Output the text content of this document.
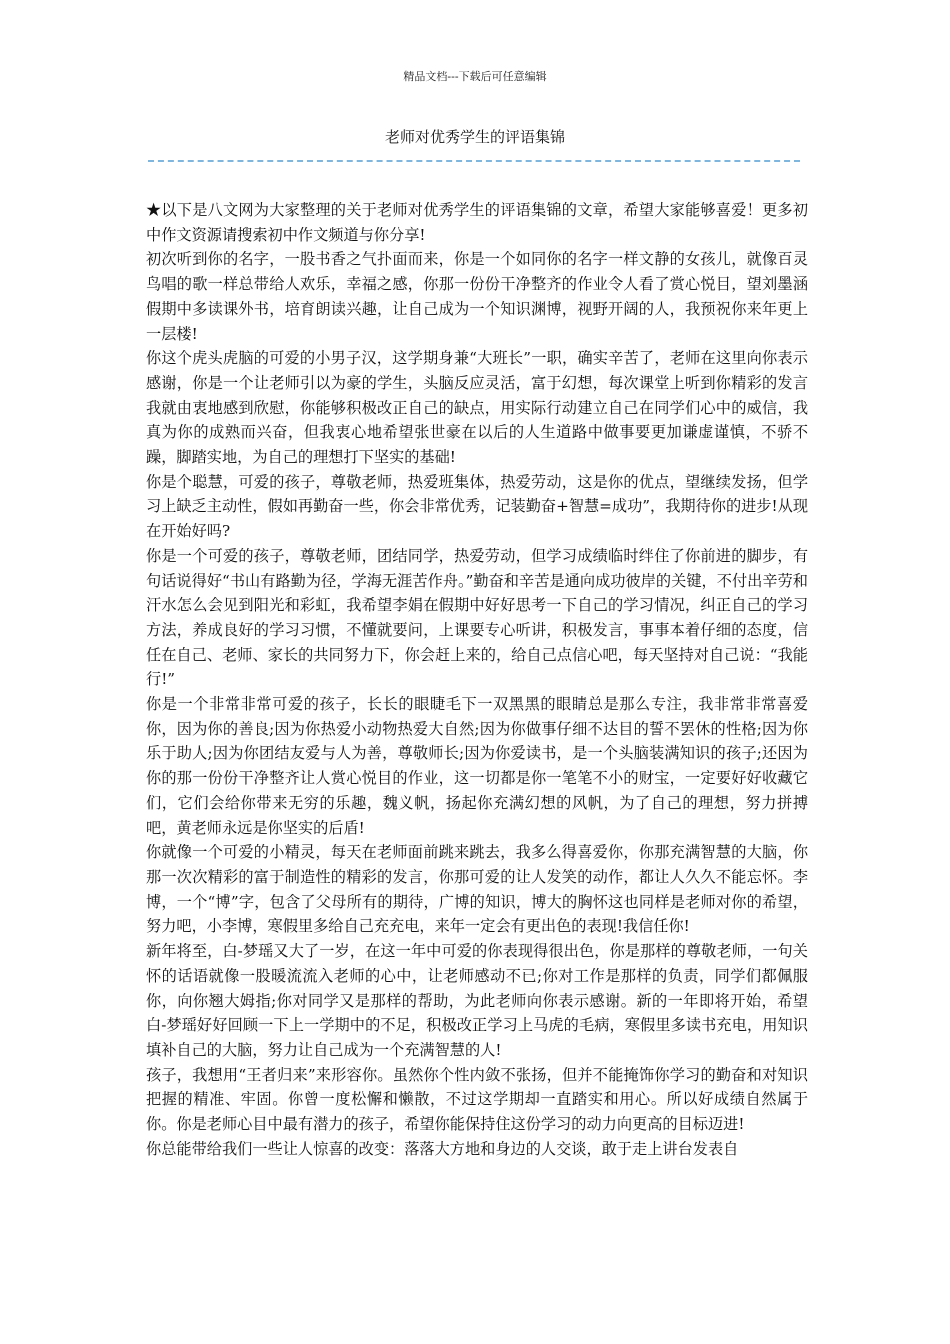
精品文档---下载后可任意编辑
老师对优秀学生的评语集锦

★以下是八文网为大家整理的关于老师对优秀学生的评语集锦的文章，希望大家能够喜爱！更多初中作文资源请搜索初中作文频道与你分享!

初次听到你的名字，一股书香之气扑面而来，你是一个如同你的名字一样文静的女孩儿，就像百灵鸟唱的歌一样总带给人欢乐，幸福之感，你那一份份干净整齐的作业令人看了赏心悦目，望刘墨涵假期中多读课外书，培育朗读兴趣，让自己成为一个知识渊博，视野开阔的人，我预祝你来年更上一层楼!

你这个虎头虎脑的可爱的小男子汉，这学期身兼“大班长”一职，确实辛苦了，老师在这里向你表示感谢，你是一个让老师引以为豪的学生，头脑反应灵活，富于幻想，每次课堂上听到你精彩的发言我就由衷地感到欣慰，你能够积极改正自己的缺点，用实际行动建立自己在同学们心中的威信，我真为你的成熟而兴奋，但我衷心地希望张世豪在以后的人生道路中做事要更加谦虚谨慎，不骄不躁，脚踏实地，为自己的理想打下坚实的基础!

你是个聪慧，可爱的孩子，尊敬老师，热爱班集体，热爱劳动，这是你的优点，望继续发扬，但学习上缺乏主动性，假如再勤奋一些，你会非常优秀，记装勤奋+智慧=成功”，我期待你的进步!从现在开始好吗?

你是一个可爱的孩子，尊敬老师，团结同学，热爱劳动，但学习成绩临时绊住了你前进的脚步，有句话说得好“书山有路勤为径，学海无涯苦作舟。”勤奋和辛苦是通向成功彼岸的关键，不付出辛劳和汗水怎么会见到阳光和彩虹，我希望李娟在假期中好好思考一下自己的学习情况，纠正自己的学习方法，养成良好的学习习惯，不懂就要问，上课要专心听讲，积极发言，事事本着仔细的态度，信任在自己、老师、家长的共同努力下，你会赶上来的，给自己点信心吧，每天坚持对自己说：“我能行!”

你是一个非常非常可爱的孩子，长长的眼睫毛下一双黑黑的眼睛总是那么专注，我非常非常喜爱你，因为你的善良;因为你热爱小动物热爱大自然;因为你做事仔细不达目的誓不罢休的性格;因为你乐于助人;因为你团结友爱与人为善，尊敬师长;因为你爱读书，是一个头脑装满知识的孩子;还因为你的那一份份干净整齐让人赏心悦目的作业，这一切都是你一笔笔不小的财宝，一定要好好收藏它们，它们会给你带来无穷的乐趣，魏义帆，扬起你充满幻想的风帆，为了自己的理想，努力拼搏吧，黄老师永远是你坚实的后盾!

你就像一个可爱的小精灵，每天在老师面前跳来跳去，我多么得喜爱你，你那充满智慧的大脑，你那一次次精彩的富于制造性的精彩的发言，你那可爱的让人发笑的动作，都让人久久不能忘怀。李博，一个“博”字，包含了父母所有的期待，广博的知识，博大的胸怀这也同样是老师对你的希望，努力吧，小李博，寒假里多给自己充充电，来年一定会有更出色的表现!我信任你!

新年将至，白-梦瑶又大了一岁，在这一年中可爱的你表现得很出色，你是那样的尊敬老师，一句关怀的话语就像一股暖流流入老师的心中，让老师感动不已;你对工作是那样的负责，同学们都佩服你，向你翘大姆指;你对同学又是那样的帮助，为此老师向你表示感谢。新的一年即将开始，希望白-梦瑶好好回顾一下上一学期中的不足，积极改正学习上马虎的毛病，寒假里多读书充电，用知识填补自己的大脑，努力让自己成为一个充满智慧的人!

孩子，我想用“王者归来”来形容你。虽然你个性内敛不张扬，但并不能掩饰你学习的勤奋和对知识把握的精准、牢固。你曾一度松懈和懒散，不过这学期却一直踏实和用心。所以好成绩自然属于你。你是老师心目中最有潜力的孩子，希望你能保持住这份学习的动力向更高的目标迈进!

你总能带给我们一些让人惊喜的改变：落落大方地和身边的人交谈，敢于走上讲台发表自
